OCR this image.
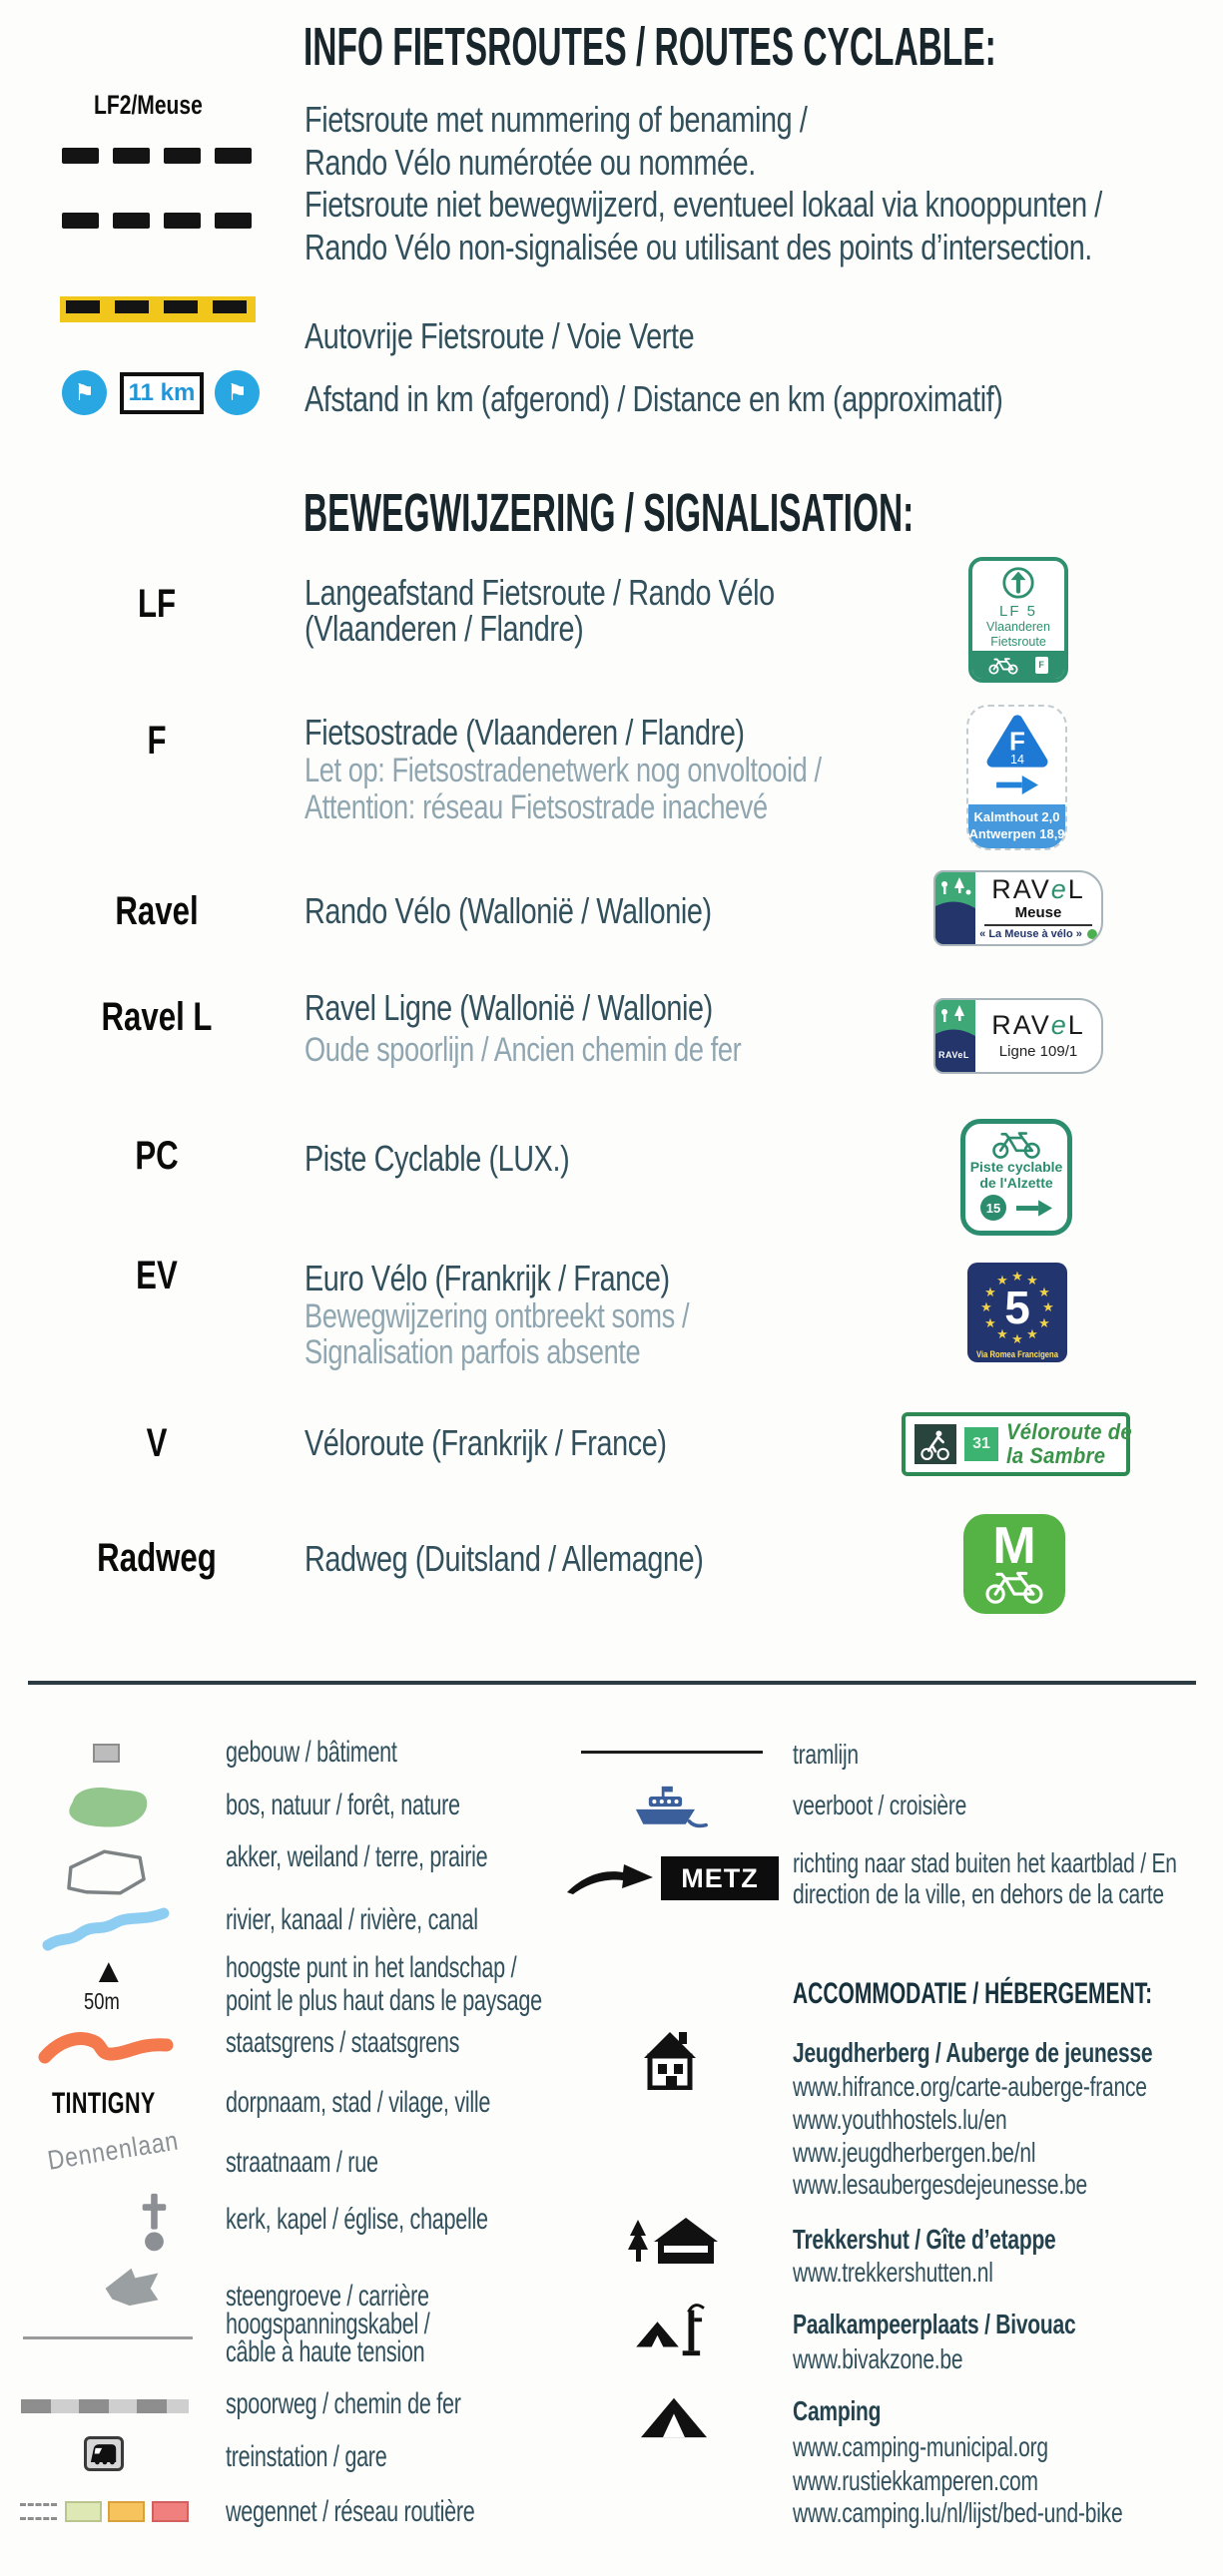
INFO FIETSROUTES / ROUTES CYCLABLE:
LF2/Meuse	Fietsroute met nummering of benaming /
Rando Vélo numérotée ou nommée.
Fietsroute niet bewegwijzerd, eventueel lokaal via knooppunten /
Rando Vélo non-signalisée ou utilisant des points d’intersection.
Autovrije Fietsroute / Voie Verte
⚑ 11 km ⚑ Afstand in km (afgerond) / Distance en km (approximatif)
BEWEGWIJZERING / SIGNALISATION:
LF	Langeafstand Fietsroute / Rando Vélo
(Vlaanderen / Flandre)	LF 5
Vlaanderen
Fietsroute
F
F	Fietsostrade (Vlaanderen / Flandre)
Let op: Fietsostradenetwerk nog onvoltooid /
Attention: réseau Fietsostrade inachevé
F
14
Kalmthout 2,0
Antwerpen 18,9
Ravel	Rando Vélo (Wallonië / Wallonie)
RAVeL
Meuse
« La Meuse à vélo »
Ravel L	Ravel Ligne (Wallonië / Wallonie)
Oude spoorlijn / Ancien chemin de fer	RAVeL
RAVeL
Ligne 109/1
PC	Piste Cyclable (LUX.)	Piste cyclable
de l'Alzette
15
EV	Euro Vélo (Frankrijk / France)
Bewegwijzering ontbreekt soms /
Signalisation parfois absente
★ ★
★
★
★
★
★
★
★
★
★
★
5
Via Romea Francigena
V	Véloroute (Frankrijk / France)	31 Véloroute de
la Sambre
Radweg	Radweg (Duitsland / Allemagne)	M
gebouw / bâtiment
bos, natuur / forêt, nature
akker, weiland / terre, prairie
rivier, kanaal / rivière, canal
▲
50m
hoogste punt in het landschap /
point le plus haut dans le paysage
staatsgrens / staatsgrens
TINTIGNY dorpnaam, stad / vilage, ville
Dennenlaan straatnaam / rue
kerk, kapel / église, chapelle
steengroeve / carrière
hoogspanningskabel /
câble à haute tension
spoorweg / chemin de fer
treinstation / gare
wegennet / réseau routière
tramlijn
veerboot / croisière
METZ richting naar stad buiten het kaartblad / En
direction de la ville, en dehors de la carte
ACCOMMODATIE / HÉBERGEMENT:
Jeugdherberg / Auberge de jeunesse
www.hifrance.org/carte-auberge-france
www.youthhostels.lu/en
www.jeugdherbergen.be/nl
www.lesaubergesdejeunesse.be
Trekkershut / Gîte d’etappe
www.trekkershutten.nl
Paalkampeerplaats / Bivouac
www.bivakzone.be
Camping
www.camping-municipal.org
www.rustiekkamperen.com
www.camping.lu/nl/lijst/bed-und-bike
